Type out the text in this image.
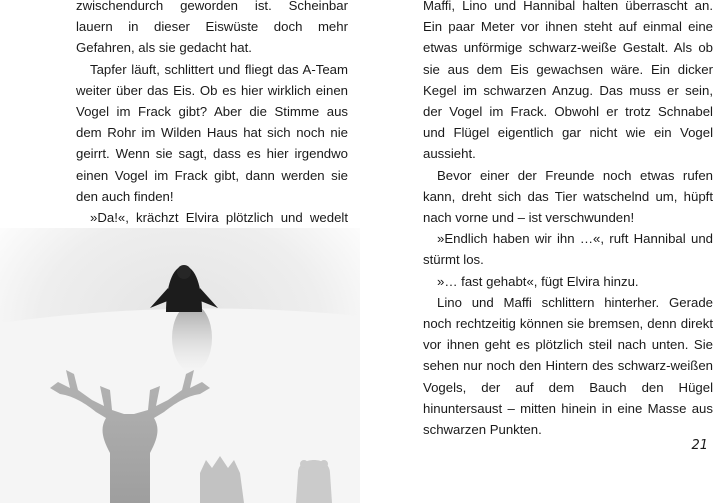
zwischendurch geworden ist. Scheinbar lauern in dieser Eiswüste doch mehr Gefahren, als sie gedacht hat.

Tapfer läuft, schlittert und fliegt das A-Team weiter über das Eis. Ob es hier wirklich einen Vogel im Frack gibt? Aber die Stimme aus dem Rohr im Wilden Haus hat sich noch nie geirrt. Wenn sie sagt, dass es hier irgendwo einen Vogel im Frack gibt, dann werden sie den auch finden!

»Da!«, krächzt Elvira plötzlich und wedelt

Maffi, Lino und Hannibal halten überrascht an. Ein paar Meter vor ihnen steht auf einmal eine etwas unförmige schwarz-weiße Gestalt. Als ob sie aus dem Eis gewachsen wäre. Ein dicker Kegel im schwarzen Anzug. Das muss er sein, der Vogel im Frack. Obwohl er trotz Schnabel und Flügel eigentlich gar nicht wie ein Vogel aussieht.

Bevor einer der Freunde noch etwas rufen kann, dreht sich das Tier watschelnd um, hüpft nach vorne und – ist verschwunden!

»Endlich haben wir ihn …«, ruft Hannibal und stürmt los.

»… fast gehabt«, fügt Elvira hinzu.

Lino und Maffi schlittern hinterher. Gerade noch rechtzeitig können sie bremsen, denn direkt vor ihnen geht es plötzlich steil nach unten. Sie sehen nur noch den Hintern des schwarz-weißen Vogels, der auf dem Bauch den Hügel hinuntersaust – mitten hinein in eine Masse aus schwarzen Punkten.

21
